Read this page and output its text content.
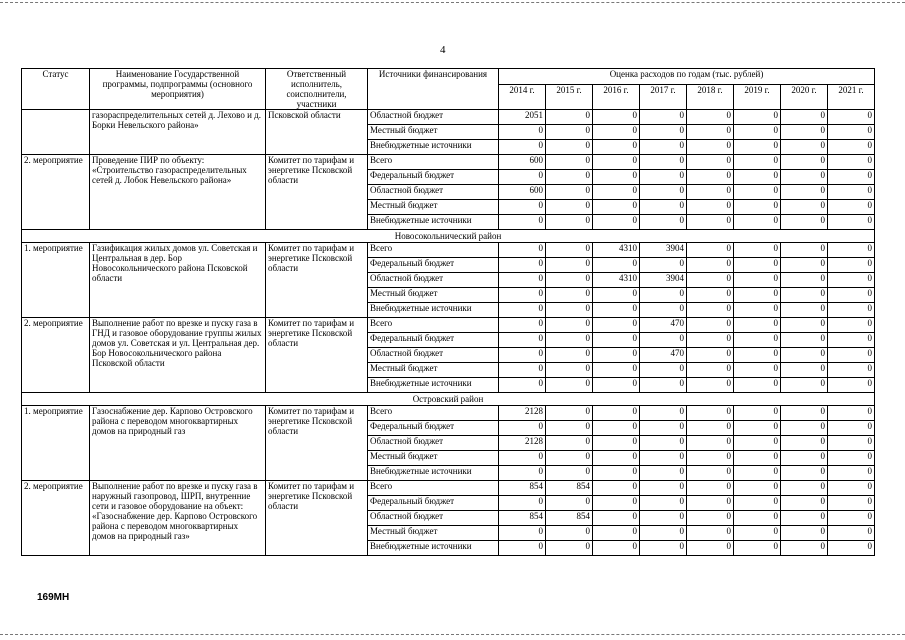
4
Статус	Наименование Государственной программы, подпрограммы (основного мероприятия)	Ответственный исполнитель, соисполнители, участники	Источники финансирования	Оценка расходов по годам (тыс. рублей)							
				2014 г.	2015 г.	2016 г.	2017 г.	2018 г.	2019 г.	2020 г.	2021 г.
	газораспределительных сетей д. Лехово и д. Борки Невельского района»	Псковской области	Областной бюджет	2051	0	0	0	0	0	0	0
			Местный бюджет	0	0	0	0	0	0	0	0
			Внебюджетные источники	0	0	0	0	0	0	0	0
2. мероприятие	Проведение ПИР по объекту: «Строительство газораспределительных сетей д. Лобок Невельского района»	Комитет по тарифам и энергетике Псковской области	Всего	600	0	0	0	0	0	0	0
			Федеральный бюджет	0	0	0	0	0	0	0	0
			Областной бюджет	600	0	0	0	0	0	0	0
			Местный бюджет	0	0	0	0	0	0	0	0
			Внебюджетные источники	0	0	0	0	0	0	0	0
Новосокольнический район											
1. мероприятие	Газификация жилых домов ул. Советская и Центральная в дер. Бор Новосокольнического района Псковской области	Комитет по тарифам и энергетике Псковской области	Всего	0	0	4310	3904	0	0	0	0
			Федеральный бюджет	0	0	0	0	0	0	0	0
			Областной бюджет	0	0	4310	3904	0	0	0	0
			Местный бюджет	0	0	0	0	0	0	0	0
			Внебюджетные источники	0	0	0	0	0	0	0	0
2. мероприятие	Выполнение работ по врезке и пуску газа в ГНД и газовое оборудование группы жилых домов ул. Советская и ул. Центральная дер. Бор Новосокольнического района Псковской области	Комитет по тарифам и энергетике Псковской области	Всего	0	0	0	470	0	0	0	0
			Федеральный бюджет	0	0	0	0	0	0	0	0
			Областной бюджет	0	0	0	470	0	0	0	0
			Местный бюджет	0	0	0	0	0	0	0	0
			Внебюджетные источники	0	0	0	0	0	0	0	0
Островский район											
1. мероприятие	Газоснабжение дер. Карпово Островского района с переводом многоквартирных домов на природный газ	Комитет по тарифам и энергетике Псковской области	Всего	2128	0	0	0	0	0	0	0
			Федеральный бюджет	0	0	0	0	0	0	0	0
			Областной бюджет	2128	0	0	0	0	0	0	0
			Местный бюджет	0	0	0	0	0	0	0	0
			Внебюджетные источники	0	0	0	0	0	0	0	0
2. мероприятие	Выполнение работ по врезке и пуску газа в наружный газопровод, ШРП, внутренние сети и газовое оборудование на объект: «Газоснабжение дер. Карпово Островского района с переводом многоквартирных домов на природный газ»	Комитет по тарифам и энергетике Псковской области	Всего	854	854	0	0	0	0	0	0
			Федеральный бюджет	0	0	0	0	0	0	0	0
			Областной бюджет	854	854	0	0	0	0	0	0
			Местный бюджет	0	0	0	0	0	0	0	0
			Внебюджетные источники	0	0	0	0	0	0	0	0
169МН
